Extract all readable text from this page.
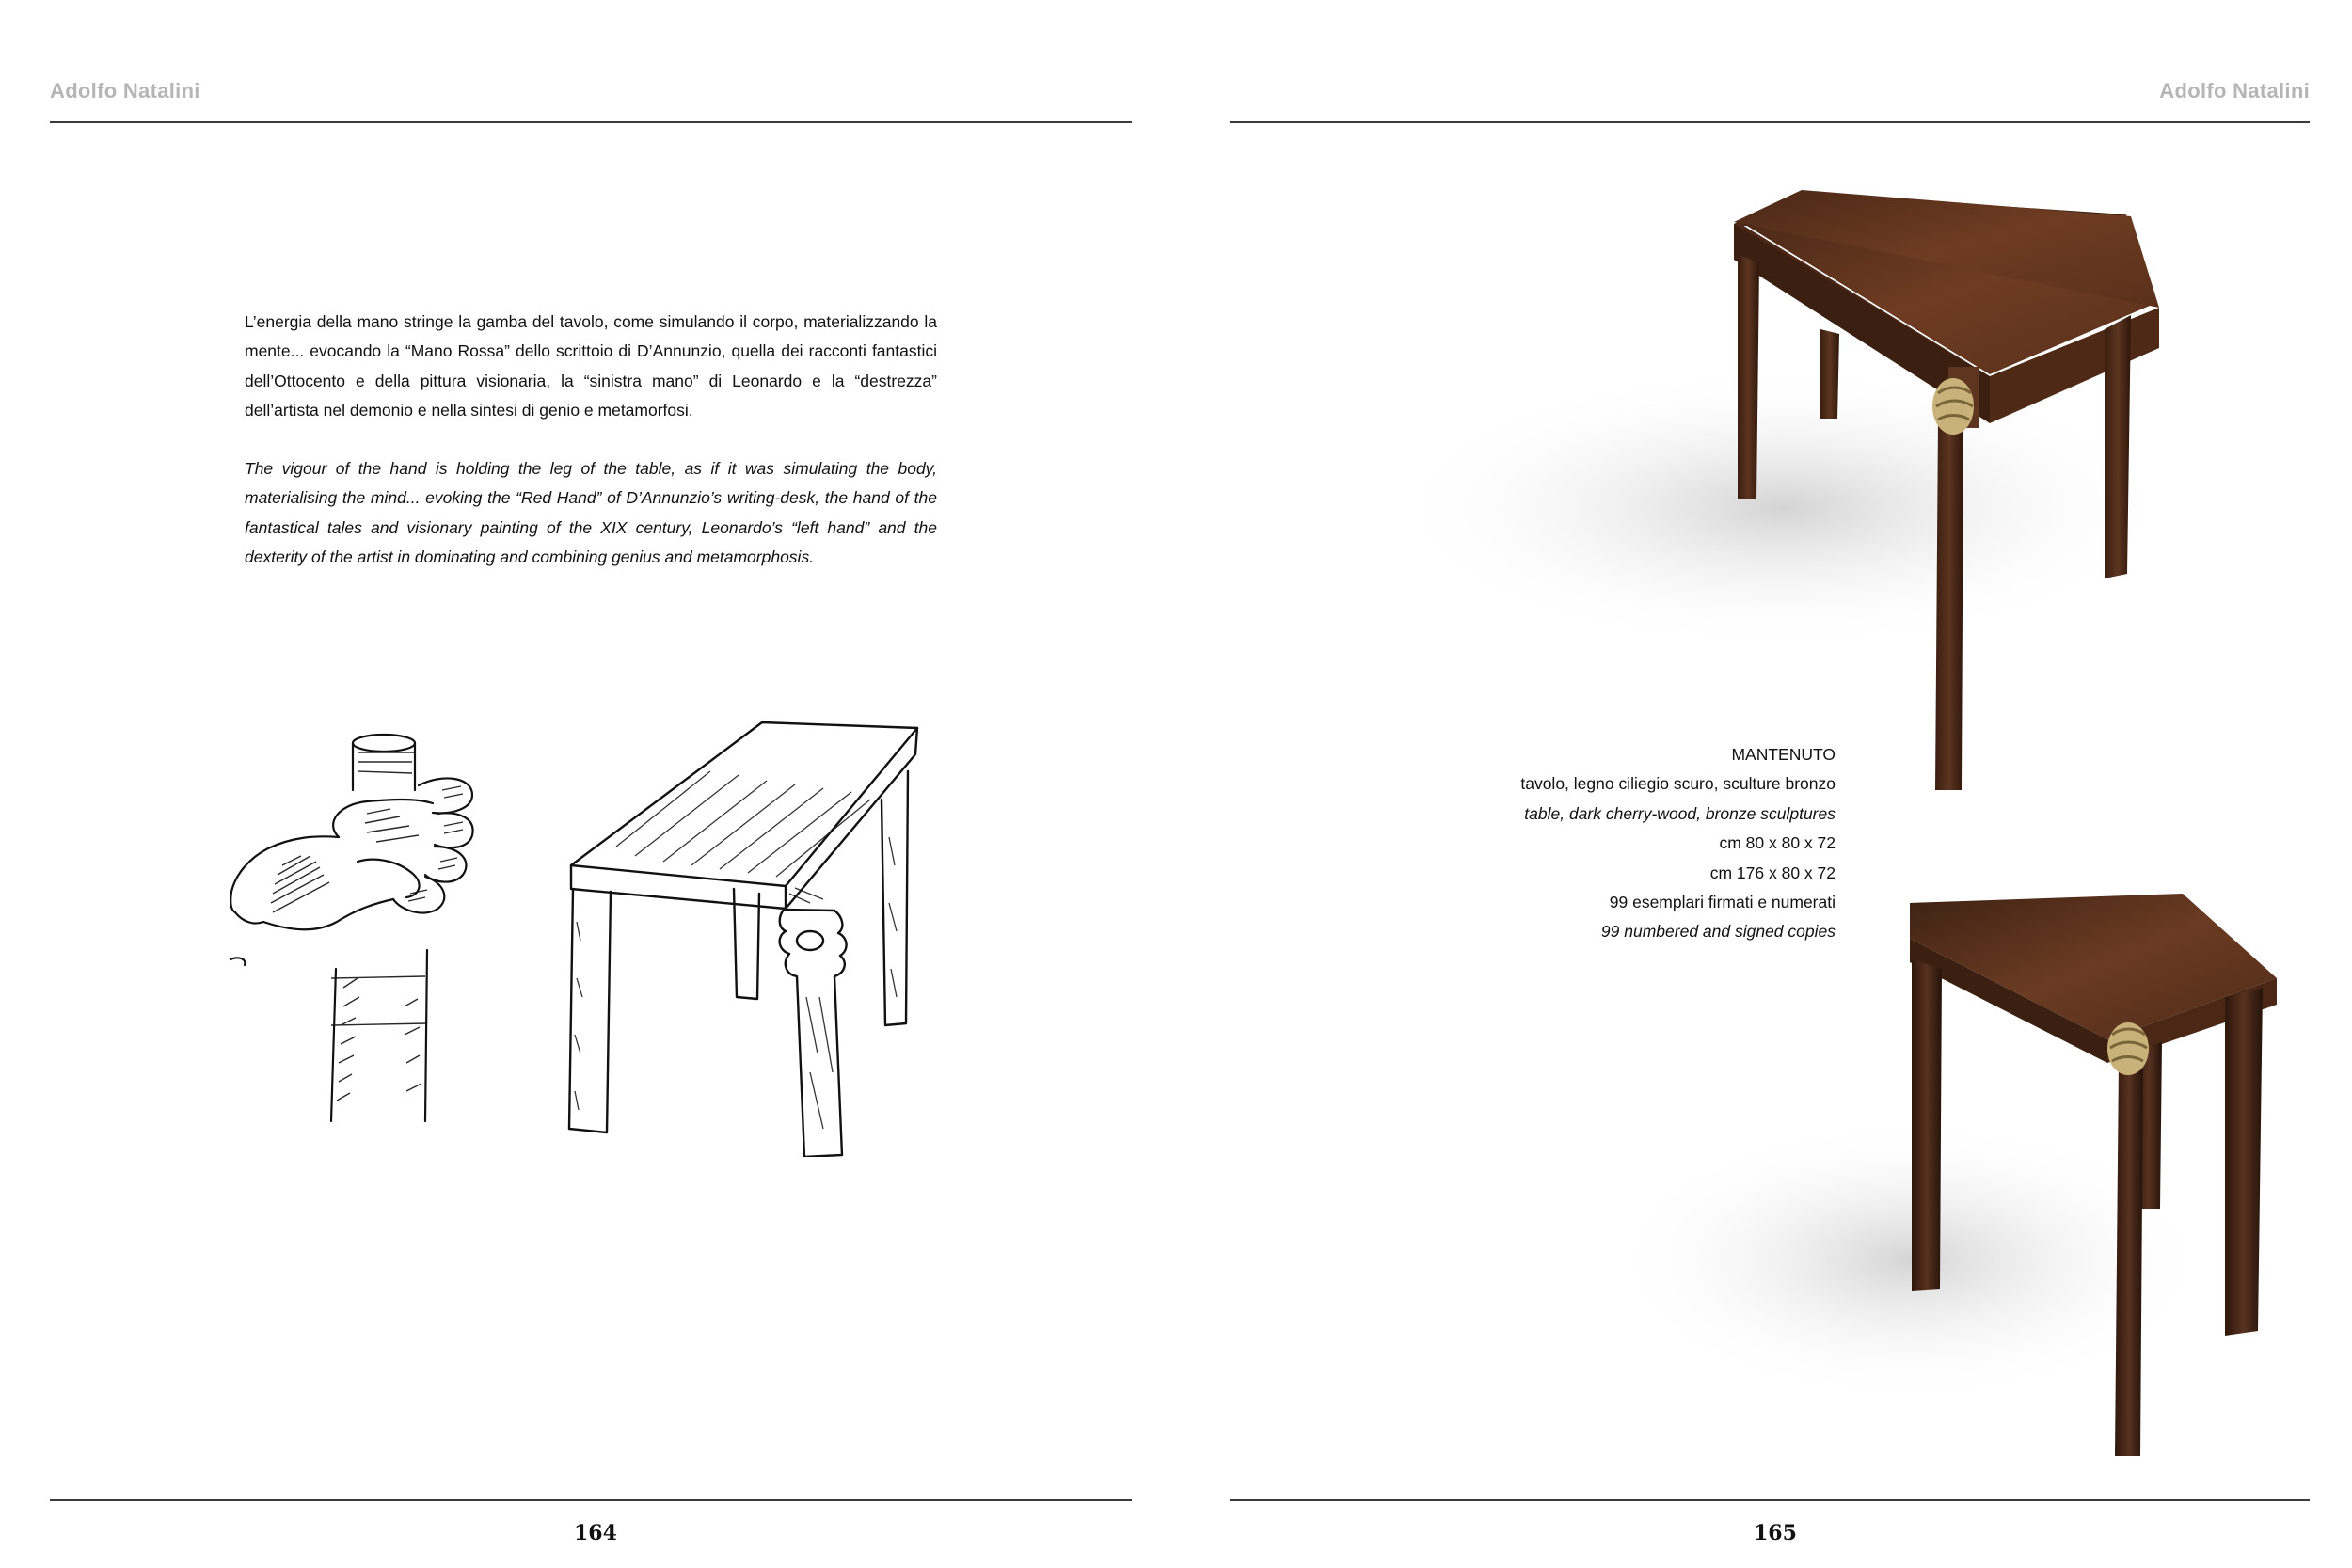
Adolfo Natalini

L’energia della mano stringe la gamba del tavolo, come simulando il corpo, materializzando la mente... evocando la “Mano Rossa” dello scrittoio di D’Annunzio, quella dei racconti fantastici dell’Ottocento e della pittura visionaria, la “sinistra mano” di Leonardo e la “destrezza” dell’artista nel demonio e nella sintesi di genio e metamorfosi.

The vigour of the hand is holding the leg of the table, as if it was simulating the body, materialising the mind... evoking the “Red Hand” of D’Annunzio’s writing-desk, the hand of the fantastical tales and visionary painting of the XIX century, Leonardo’s “left hand” and the dexterity of the artist in dominating and combining genius and metamorphosis.

164
Adolfo Natalini
MANTENUTO
tavolo, legno ciliegio scuro, sculture bronzo
table, dark cherry-wood, bronze sculptures
cm 80 x 80 x 72
cm 176 x 80 x 72
99 esemplari firmati e numerati
99 numbered and signed copies
165
